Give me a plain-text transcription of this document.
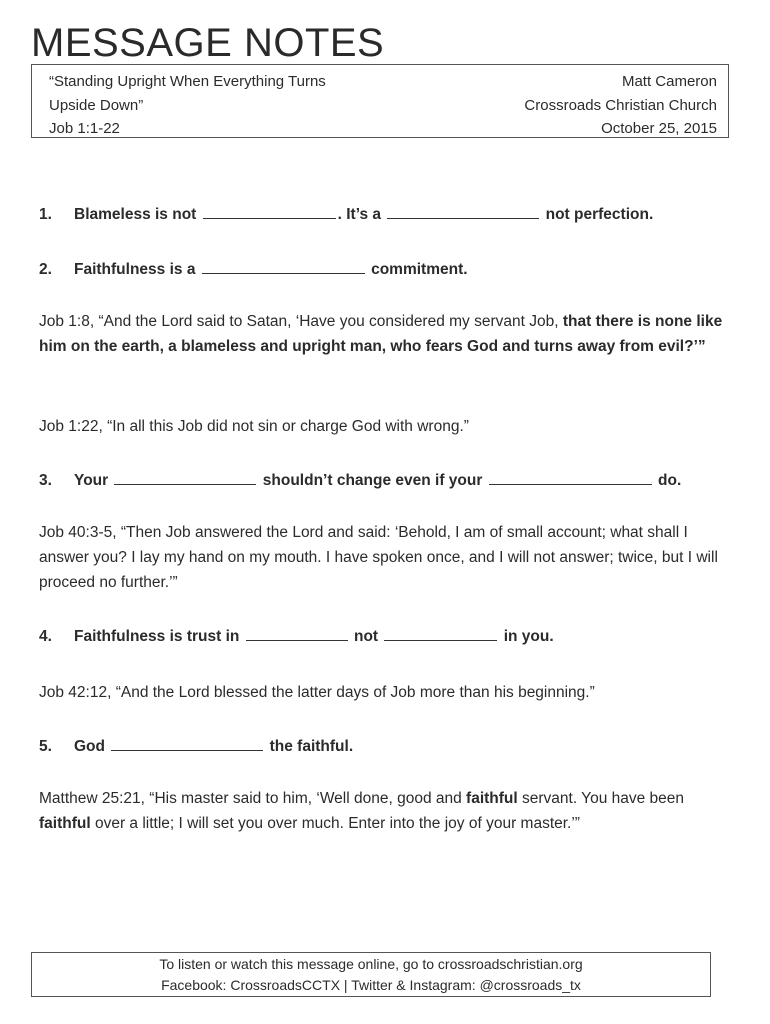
MESSAGE NOTES
“Standing Upright When Everything Turns
Upside Down”
Job 1:1-22
Matt Cameron
Crossroads Christian Church
October 25, 2015
1. Blameless is not	. It’s a	not perfection.
2. Faithfulness is a	commitment.
Job 1:8, “And the Lord said to Satan, ‘Have you considered my servant Job, that there is none like him on the earth, a blameless and upright man, who fears God and turns away from evil?’”
Job 1:22, “In all this Job did not sin or charge God with wrong.”
3. Your	shouldn’t change even if your	do.
Job 40:3-5, “Then Job answered the Lord and said: ‘Behold, I am of small account; what shall I answer you? I lay my hand on my mouth. I have spoken once, and I will not answer; twice, but I will proceed no further.’”
4. Faithfulness is trust in	not	in you.
Job 42:12, “And the Lord blessed the latter days of Job more than his beginning.”
5. God	the faithful.
Matthew 25:21, “His master said to him, ‘Well done, good and faithful servant. You have been faithful over a little; I will set you over much. Enter into the joy of your master.’”
To listen or watch this message online, go to crossroadschristian.org
Facebook: CrossroadsCCTX | Twitter & Instagram: @crossroads_tx
